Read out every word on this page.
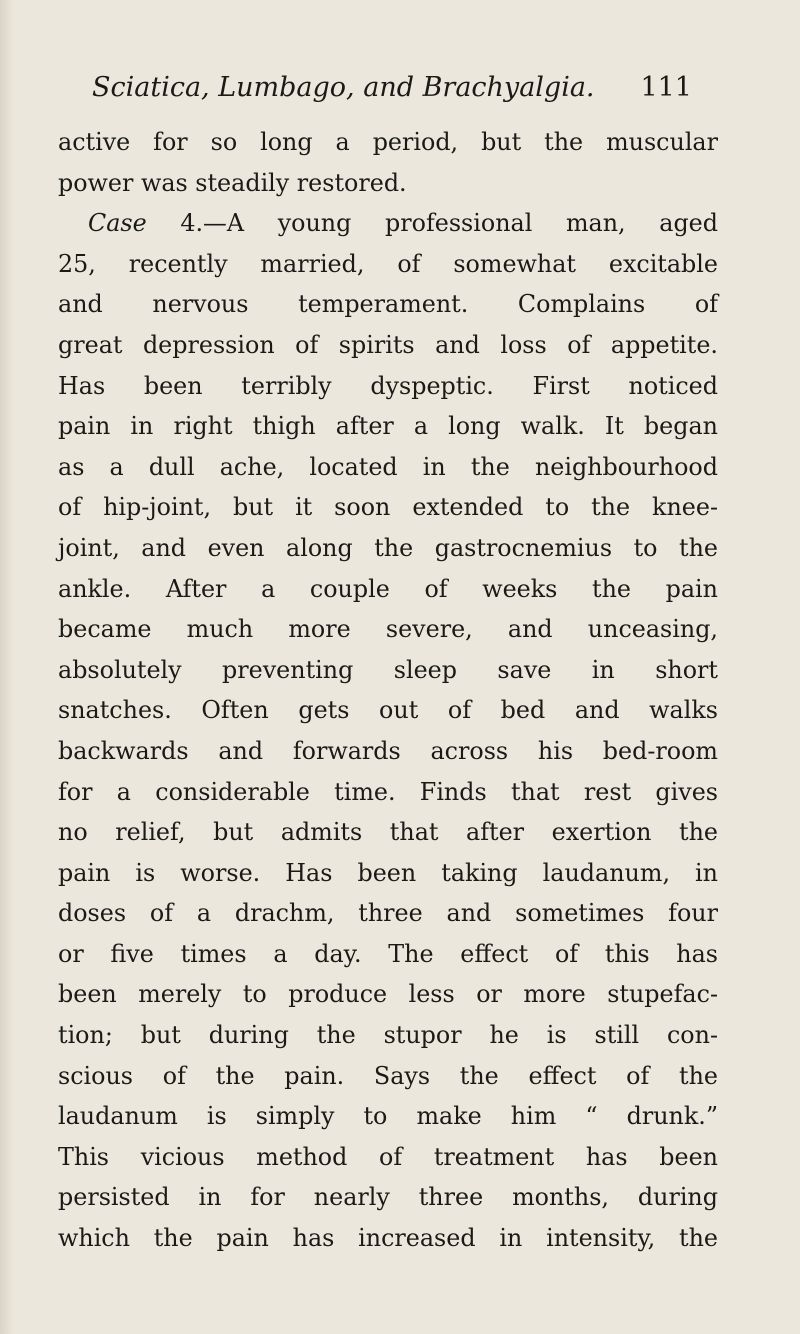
Sciatica, Lumbago, and Brachyalgia. 111
active for so long a period, but the muscular
power was steadily restored.
Case 4.—A young professional man, aged
25, recently married, of somewhat excitable
and nervous temperament. Complains of
great depression of spirits and loss of appetite.
Has been terribly dyspeptic. First noticed
pain in right thigh after a long walk. It began
as a dull ache, located in the neighbourhood
of hip-joint, but it soon extended to the knee-
joint, and even along the gastrocnemius to the
ankle. After a couple of weeks the pain
became much more severe, and unceasing,
absolutely preventing sleep save in short
snatches. Often gets out of bed and walks
backwards and forwards across his bed-room
for a considerable time. Finds that rest gives
no relief, but admits that after exertion the
pain is worse. Has been taking laudanum, in
doses of a drachm, three and sometimes four
or five times a day. The effect of this has
been merely to produce less or more stupefac-
tion; but during the stupor he is still con-
scious of the pain. Says the effect of the
laudanum is simply to make him “ drunk.”
This vicious method of treatment has been
persisted in for nearly three months, during
which the pain has increased in intensity, the
